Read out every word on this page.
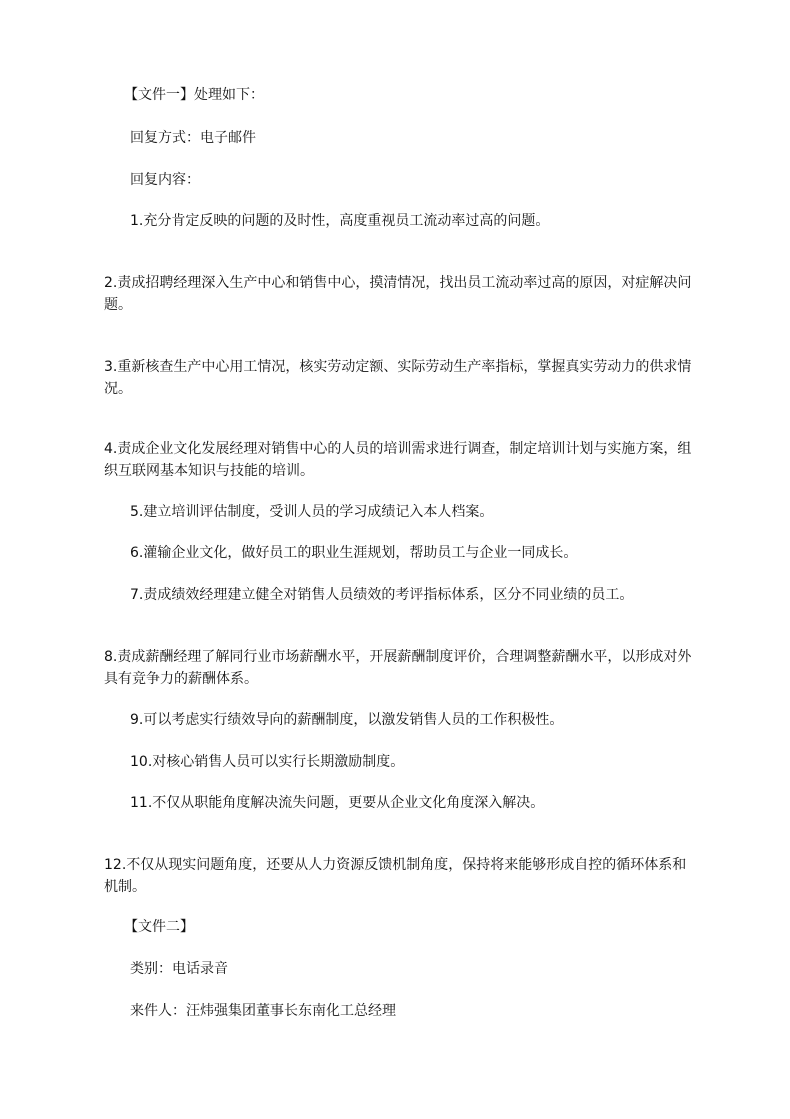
【文件一】处理如下：

回复方式：电子邮件

回复内容：

1.充分肯定反映的问题的及时性，高度重视员工流动率过高的问题。

2.责成招聘经理深入生产中心和销售中心，摸清情况，找出员工流动率过高的原因，对症解决问题。

3.重新核查生产中心用工情况，核实劳动定额、实际劳动生产率指标，掌握真实劳动力的供求情况。

4.责成企业文化发展经理对销售中心的人员的培训需求进行调查，制定培训计划与实施方案，组织互联网基本知识与技能的培训。

5.建立培训评估制度，受训人员的学习成绩记入本人档案。

6.灌输企业文化，做好员工的职业生涯规划，帮助员工与企业一同成长。

7.责成绩效经理建立健全对销售人员绩效的考评指标体系，区分不同业绩的员工。

8.责成薪酬经理了解同行业市场薪酬水平，开展薪酬制度评价，合理调整薪酬水平，以形成对外具有竞争力的薪酬体系。

9.可以考虑实行绩效导向的薪酬制度，以激发销售人员的工作积极性。

10.对核心销售人员可以实行长期激励制度。

11.不仅从职能角度解决流失问题，更要从企业文化角度深入解决。

12.不仅从现实问题角度，还要从人力资源反馈机制角度，保持将来能够形成自控的循环体系和机制。

【文件二】

类别：电话录音

来件人：汪炜强集团董事长东南化工总经理
